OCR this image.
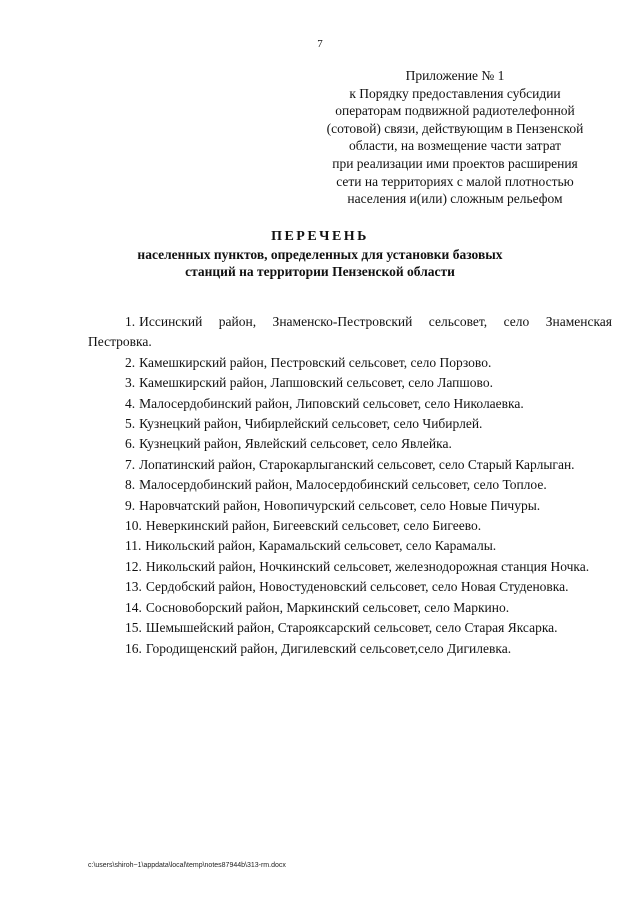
7
Приложение № 1
к Порядку предоставления субсидии
операторам подвижной радиотелефонной
(сотовой) связи, действующим в Пензенской
области, на возмещение части затрат
при реализации ими проектов расширения
сети на территориях с малой плотностью
населения и(или) сложным рельефом
ПЕРЕЧЕНЬ
населенных пунктов, определенных для установки базовых
станций на территории Пензенской области
1. Иссинский район, Знаменско-Пестровский сельсовет, село Знаменская Пестровка.
2. Камешкирский район, Пестровский сельсовет, село Порзово.
3. Камешкирский район, Лапшовский сельсовет, село Лапшово.
4. Малосердобинский район, Липовский сельсовет, село Николаевка.
5. Кузнецкий район, Чибирлейский сельсовет, село Чибирлей.
6. Кузнецкий район, Явлейский сельсовет, село Явлейка.
7. Лопатинский район, Старокарлыганский сельсовет, село Старый Карлыган.
8. Малосердобинский район, Малосердобинский сельсовет, село Топлое.
9. Наровчатский район, Новопичурский сельсовет, село Новые Пичуры.
10. Неверкинский район, Бигеевский сельсовет, село Бигеево.
11. Никольский район, Карамальский сельсовет, село Карамалы.
12. Никольский район, Ночкинский сельсовет, железнодорожная станция Ночка.
13. Сердобский район, Новостуденовский сельсовет, село Новая Студеновка.
14. Сосновоборский район, Маркинский сельсовет, село Маркино.
15. Шемышейский район, Староякcарский сельсовет, село Старая Яксарка.
16. Городищенский район, Дигилевский сельсовет,село Дигилевка.
c:\users\shiroh~1\appdata\local\temp\notes87944b\313-rm.docx
